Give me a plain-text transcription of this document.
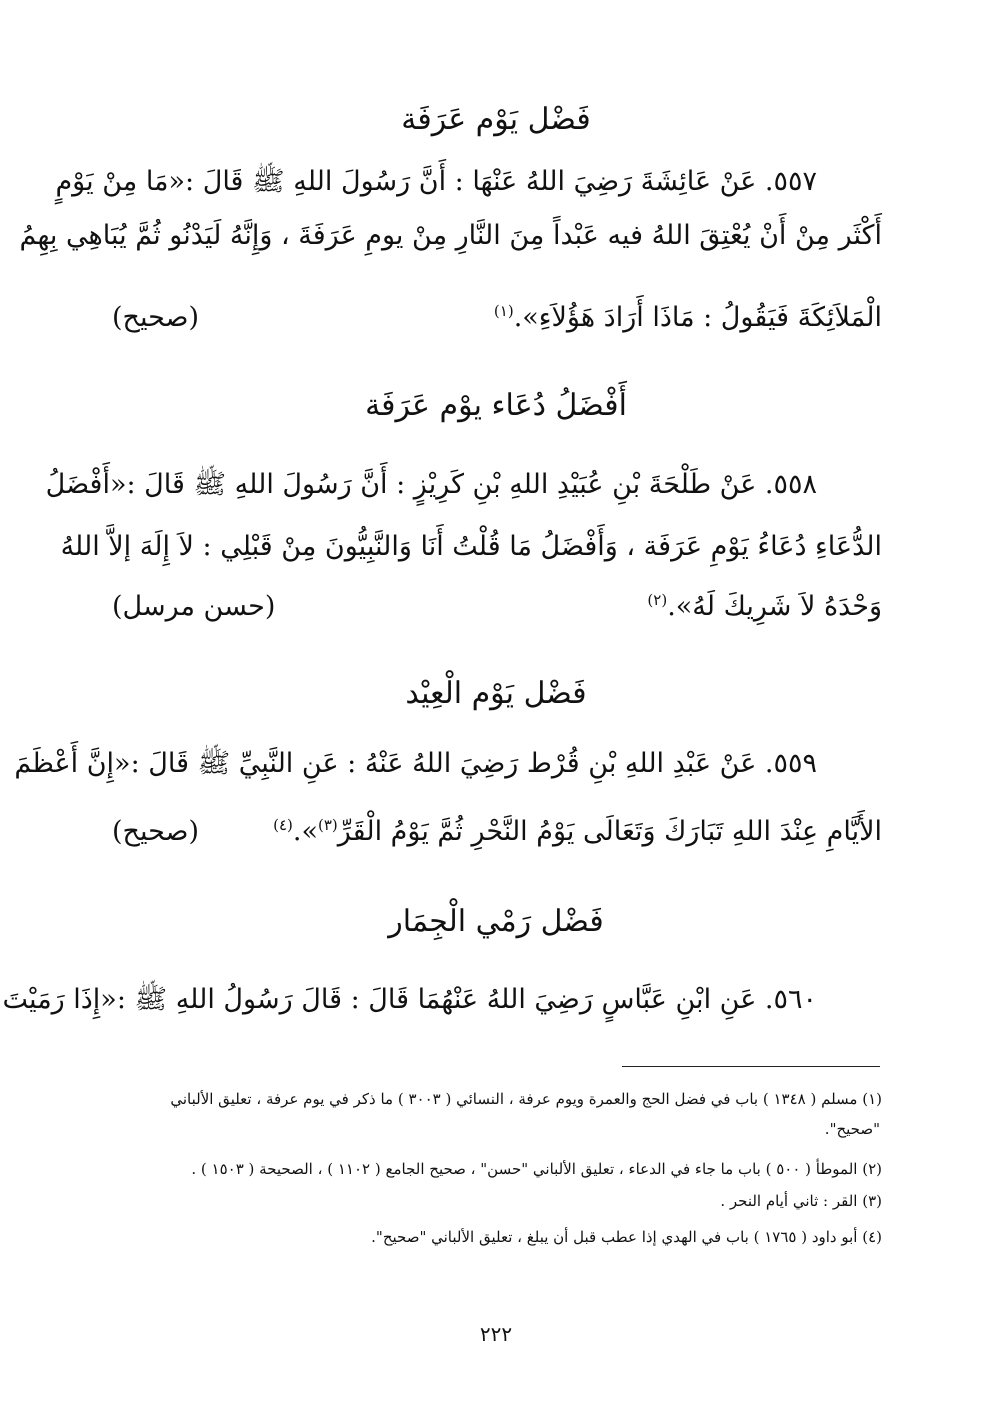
فَضْل يَوْم عَرَفَة
٥٥٧. عَنْ عَائِشَةَ رَضِيَ اللهُ عَنْهَا : أَنَّ رَسُولَ اللهِ ﷺ قَالَ :«مَا مِنْ يَوْمٍ
أَكْثَر مِنْ أَنْ يُعْتِقَ اللهُ فيه عَبْداً مِنَ النَّارِ مِنْ يومِ عَرَفَةَ ، وَإِنَّهُ لَيَدْنُو ثُمَّ يُبَاهِي بِهِمُ
الْمَلاَئِكَةَ فَيَقُولُ : مَاذَا أَرَادَ هَؤُلاَءِ».$^{(١)}$
(صحيح)
أَفْضَلُ دُعَاء يوْم عَرَفَة
٥٥٨. عَنْ طَلْحَةَ بْنِ عُبَيْدِ اللهِ بْنِ كَرِيْزٍ : أَنَّ رَسُولَ اللهِ ﷺ قَالَ :«أَفْضَلُ
الدُّعَاءِ دُعَاءُ يَوْمِ عَرَفَة ، وَأَفْضَلُ مَا قُلْتُ أَنَا وَالنَّبِيُّونَ مِنْ قَبْلِي : لاَ إِلَهَ إلاَّ اللهُ
وَحْدَهُ لاَ شَرِيكَ لَهُ».$^{(٢)}$
(حسن مرسل)
فَضْل يَوْم الْعِيْد
٥٥٩. عَنْ عَبْدِ اللهِ بْنِ قُرْط رَضِيَ اللهُ عَنْهُ : عَنِ النَّبِيِّ ﷺ قَالَ :«إِنَّ أَعْظَمَ
الأَيَّامِ عِنْدَ اللهِ تَبَارَكَ وَتَعَالَى يَوْمُ النَّحْرِ ثُمَّ يَوْمُ الْقَرِّ$^{(٣)}$».$^{(٤)}$
(صحيح)
فَضْل رَمْي الْجِمَار
٥٦٠. عَنِ ابْنِ عَبَّاسٍ رَضِيَ اللهُ عَنْهُمَا قَالَ : قَالَ رَسُولُ اللهِ ﷺ :«إِذَا رَمَيْتَ
(١) مسلم ( ١٣٤٨ ) باب في فضل الحج والعمرة ويوم عرفة ، النسائي ( ٣٠٠٣ ) ما ذكر في يوم عرفة ، تعليق الألباني
"صحيح".
(٢) الموطأ ( ٥٠٠ ) باب ما جاء في الدعاء ، تعليق الألباني "حسن" ، صحيح الجامع ( ١١٠٢ ) ، الصحيحة ( ١٥٠٣ ) .
(٣) القر : ثاني أيام النحر .
(٤) أبو داود ( ١٧٦٥ ) باب في الهدي إذا عطب قبل أن يبلغ ، تعليق الألباني "صحيح".
٢٢٢
